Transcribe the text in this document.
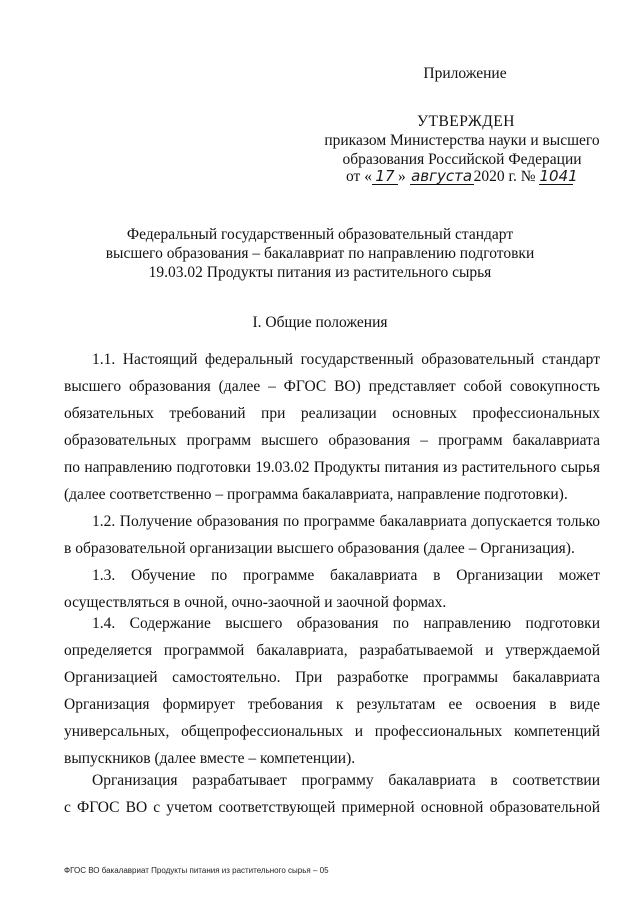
Приложение
УТВЕРЖДЕН
приказом Министерства науки и высшего
образования Российской Федерации
от « 17 » августа2020 г. № 1041
Федеральный государственный образовательный стандарт
высшего образования – бакалавриат по направлению подготовки
19.03.02 Продукты питания из растительного сырья
I. Общие положения
1.1. Настоящий федеральный государственный образовательный стандарт
высшего образования (далее – ФГОС ВО) представляет собой совокупность
обязательных требований при реализации основных профессиональных
образовательных программ высшего образования – программ бакалавриата
по направлению подготовки 19.03.02 Продукты питания из растительного сырья
(далее соответственно – программа бакалавриата, направление подготовки).
1.2. Получение образования по программе бакалавриата допускается только
в образовательной организации высшего образования (далее – Организация).
1.3. Обучение по программе бакалавриата в Организации может
осуществляться в очной, очно-заочной и заочной формах.
1.4. Содержание высшего образования по направлению подготовки
определяется программой бакалавриата, разрабатываемой и утверждаемой
Организацией самостоятельно. При разработке программы бакалавриата
Организация формирует требования к результатам ее освоения в виде
универсальных, общепрофессиональных и профессиональных компетенций
выпускников (далее вместе – компетенции).
Организация разрабатывает программу бакалавриата в соответствии
с ФГОС ВО с учетом соответствующей примерной основной образовательной
ФГОС ВО бакалавриат Продукты питания из растительного сырья – 05
